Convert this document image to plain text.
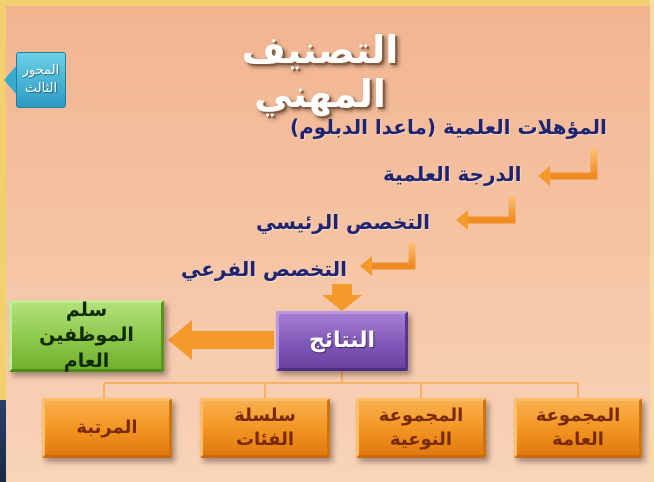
التصنيف المهني
المحور الثالث
المؤهلات العلمية (ماعدا الدبلوم)
الدرجة العلمية
التخصص الرئيسي
التخصص الفرعي
النتائج
سلم الموظفين العام
المجموعة العامة
المجموعة النوعية
سلسلة الفئات
المرتبة
